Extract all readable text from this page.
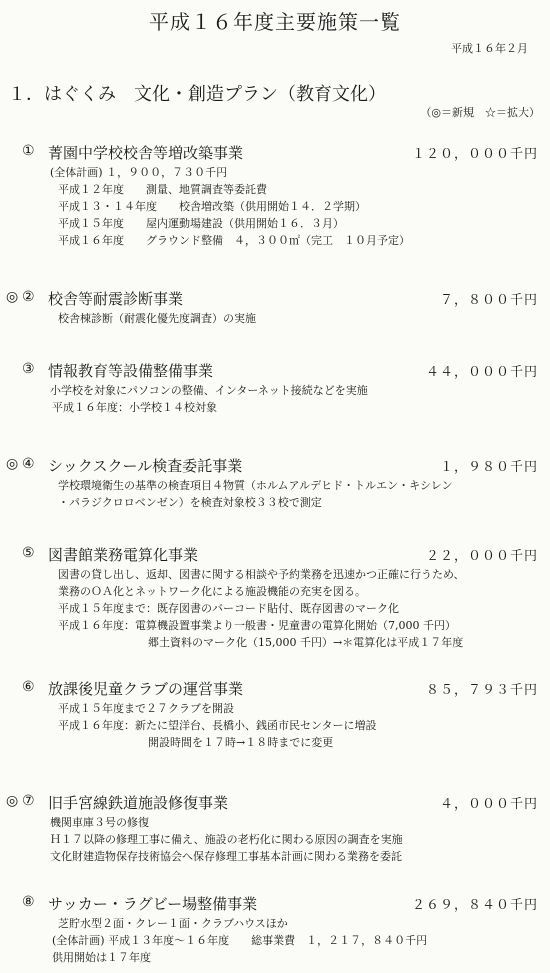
平成１６年度主要施策一覧
平成１６年２月
１．はぐくみ　文化・創造プラン（教育文化）
（◎＝新規　☆＝拡大）
① 菁園中学校校舎等増改築事業	１２０，０００千円
(全体計画) １，９００，７３０千円
平成１２年度　　測量、地質調査等委託費
平成１３・１４年度　　校舎増改築（供用開始１４．２学期）
平成１５年度　　屋内運動場建設（供用開始１６．３月）
平成１６年度　　グラウンド整備　４，３００㎡（完工　１０月予定）
◎ ② 校舎等耐震診断事業	７，８００千円
校舎棟診断（耐震化優先度調査）の実施
③ 情報教育等設備整備事業	４４，０００千円
小学校を対象にパソコンの整備、インターネット接続などを実施
平成１６年度：小学校１４校対象
◎ ④ シックスクール検査委託事業	１，９８０千円
学校環境衛生の基準の検査項目４物質（ホルムアルデヒド・トルエン・キシレン
・パラジクロロベンゼン）を検査対象校３３校で測定
⑤ 図書館業務電算化事業	２２，０００千円
図書の貸し出し、返却、図書に関する相談や予約業務を迅速かつ正確に行うため、
業務のＯＡ化とネットワーク化による施設機能の充実を図る。
平成１５年度まで：既存図書のバーコード貼付、既存図書のマーク化
平成１６年度：電算機設置事業より一般書・児童書の電算化開始（7,000 千円）
郷土資料のマーク化（15,000 千円）→＊電算化は平成１７年度
⑥ 放課後児童クラブの運営事業	８５，７９３千円
平成１５年度まで２７クラブを開設
平成１６年度：新たに望洋台、長橋小、銭函市民センターに増設
開設時間を１７時→１８時までに変更
◎ ⑦ 旧手宮線鉄道施設修復事業	４，０００千円
機関車庫３号の修復
Ｈ１７以降の修理工事に備え、施設の老朽化に関わる原因の調査を実施
文化財建造物保存技術協会へ保存修理工事基本計画に関わる業務を委託
⑧ サッカー・ラグビー場整備事業	２６９，８４０千円
芝貯水型２面・クレー１面・クラブハウスほか
(全体計画) 平成１３年度～１６年度　　総事業費　１，２１７，８４０千円
供用開始は１７年度
